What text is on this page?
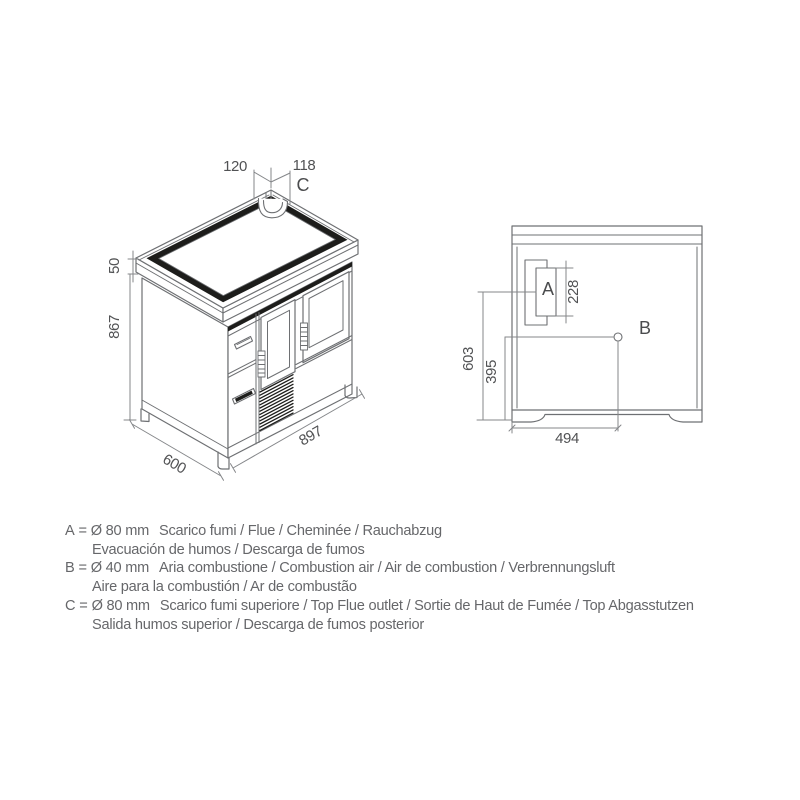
120	118
C
50
867
600
897
A 228
B
603
395
494
A = Ø 80 mm Scarico fumi / Flue / Cheminée / Rauchabzug
Evacuación de humos / Descarga de fumos
B = Ø 40 mm Aria combustione / Combustion air / Air de combustion / Verbrennungsluft
Aire para la combustión / Ar de combustão
C = Ø 80 mm Scarico fumi superiore / Top Flue outlet / Sortie de Haut de Fumée / Top Abgasstutzen
Salida humos superior / Descarga de fumos posterior
